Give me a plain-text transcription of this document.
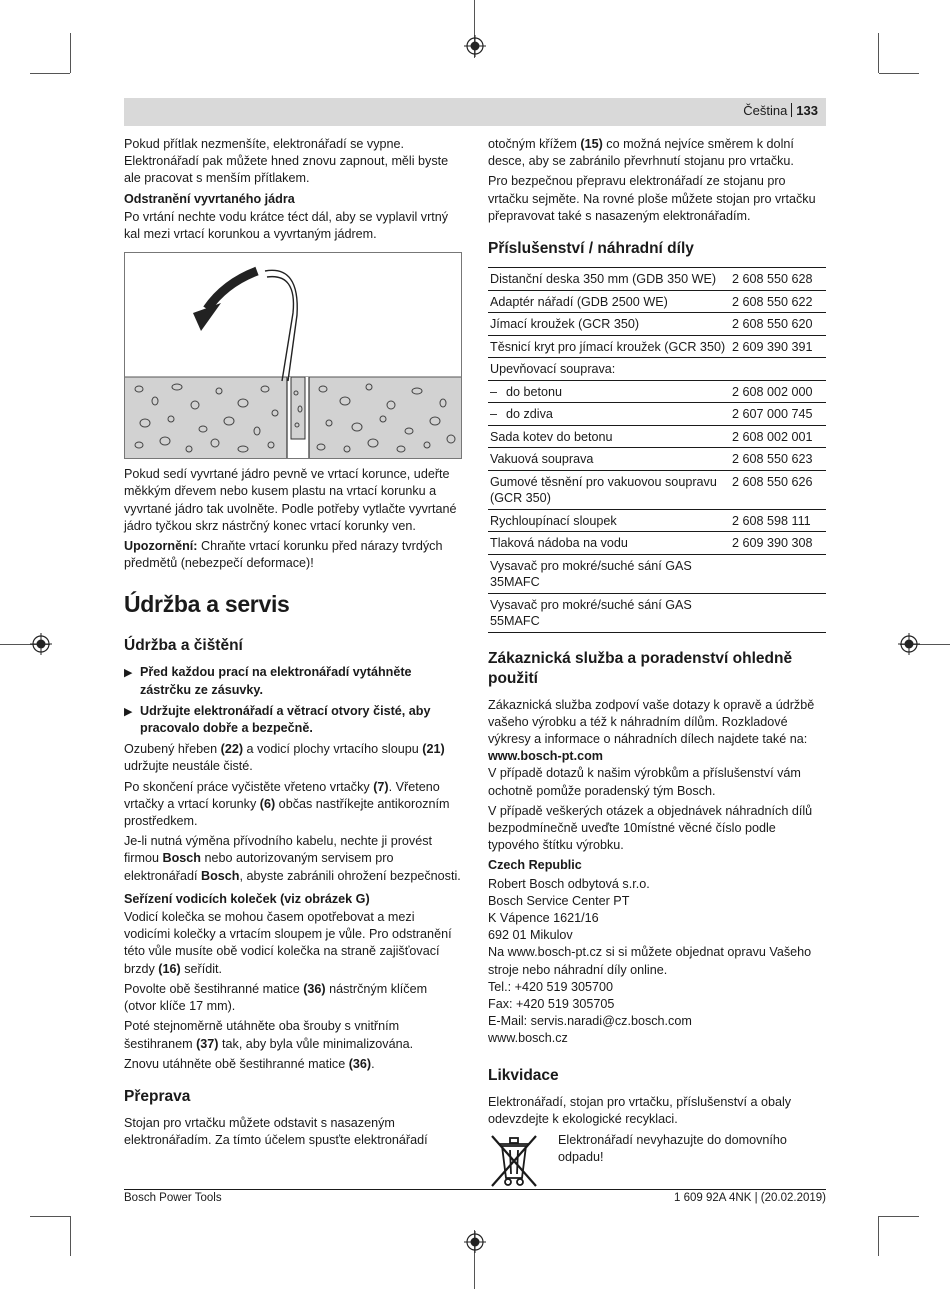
Čeština 133

Pokud přítlak nezmenšíte, elektronářadí se vypne. Elektronářadí pak můžete hned znovu zapnout, měli byste ale pracovat s menším přítlakem.

Odstranění vyvrtaného jádra

Po vrtání nechte vodu krátce téct dál, aby se vyplavil vrtný kal mezi vrtací korunkou a vyvrtaným jádrem.

Pokud sedí vyvrtané jádro pevně ve vrtací korunce, udeřte měkkým dřevem nebo kusem plastu na vrtací korunku a vyvrtané jádro tak uvolněte. Podle potřeby vytlačte vyvrtané jádro tyčkou skrz nástrčný konec vrtací korunky ven.

Upozornění: Chraňte vrtací korunku před nárazy tvrdých předmětů (nebezpečí deformace)!

Údržba a servis
Údržba a čištění
▶ Před každou prací na elektronářadí vytáhněte zástrčku ze zásuvky.
▶ Udržujte elektronářadí a větrací otvory čisté, aby pracovalo dobře a bezpečně.

Ozubený hřeben (22) a vodicí plochy vrtacího sloupu (21) udržujte neustále čisté.

Po skončení práce vyčistěte vřeteno vrtačky (7). Vřeteno vrtačky a vrtací korunky (6) občas nastříkejte antikorozním prostředkem.

Je-li nutná výměna přívodního kabelu, nechte ji provést firmou Bosch nebo autorizovaným servisem pro elektronářadí Bosch, abyste zabránili ohrožení bezpečnosti.

Seřízení vodicích koleček (viz obrázek G)

Vodicí kolečka se mohou časem opotřebovat a mezi vodicími kolečky a vrtacím sloupem je vůle. Pro odstranění této vůle musíte obě vodicí kolečka na straně zajišťovací brzdy (16) seřídit.

Povolte obě šestihranné matice (36) nástrčným klíčem (otvor klíče 17 mm).

Poté stejnoměrně utáhněte oba šrouby s vnitřním šestihranem (37) tak, aby byla vůle minimalizována.

Znovu utáhněte obě šestihranné matice (36).

Přeprava

Stojan pro vrtačku můžete odstavit s nasazeným elektronářadím. Za tímto účelem spusťte elektronářadí

otočným křížem (15) co možná nejvíce směrem k dolní desce, aby se zabránilo převrhnutí stojanu pro vrtačku.

Pro bezpečnou přepravu elektronářadí ze stojanu pro vrtačku sejměte. Na rovné ploše můžete stojan pro vrtačku přepravovat také s nasazeným elektronářadím.

Příslušenství / náhradní díly
Distanční deska 350 mm (GDB 350 WE)	2 608 550 628
Adaptér nářadí (GDB 2500 WE)	2 608 550 622
Jímací kroužek (GCR 350)	2 608 550 620
Těsnicí kryt pro jímací kroužek (GCR 350)	2 609 390 391
Upevňovací souprava:	
– do betonu	2 608 002 000
– do zdiva	2 607 000 745
Sada kotev do betonu	2 608 002 001
Vakuová souprava	2 608 550 623
Gumové těsnění pro vakuovou soupravu (GCR 350)	2 608 550 626
Rychloupínací sloupek	2 608 598 111
Tlaková nádoba na vodu	2 609 390 308
Vysavač pro mokré/suché sání GAS 35MAFC	
Vysavač pro mokré/suché sání GAS 55MAFC	
Zákaznická služba a poradenství ohledně použití

Zákaznická služba zodpoví vaše dotazy k opravě a údržbě vašeho výrobku a též k náhradním dílům. Rozkladové výkresy a informace o náhradních dílech najdete také na:

www.bosch-pt.com

V případě dotazů k našim výrobkům a příslušenství vám ochotně pomůže poradenský tým Bosch.

V případě veškerých otázek a objednávek náhradních dílů bezpodmínečně uveďte 10místné věcné číslo podle typového štítku výrobku.

Czech Republic
Robert Bosch odbytová s.r.o.
Bosch Service Center PT
K Vápence 1621/16
692 01 Mikulov
Na www.bosch-pt.cz si si můžete objednat opravu Vašeho stroje nebo náhradní díly online.
Tel.: +420 519 305700
Fax: +420 519 305705
E-Mail: servis.naradi@cz.bosch.com
www.bosch.cz
Likvidace

Elektronářadí, stojan pro vrtačku, příslušenství a obaly odevzdejte k ekologické recyklaci.

Elektronářadí nevyhazujte do domovního odpadu!
Bosch Power Tools	1 609 92A 4NK | (20.02.2019)
